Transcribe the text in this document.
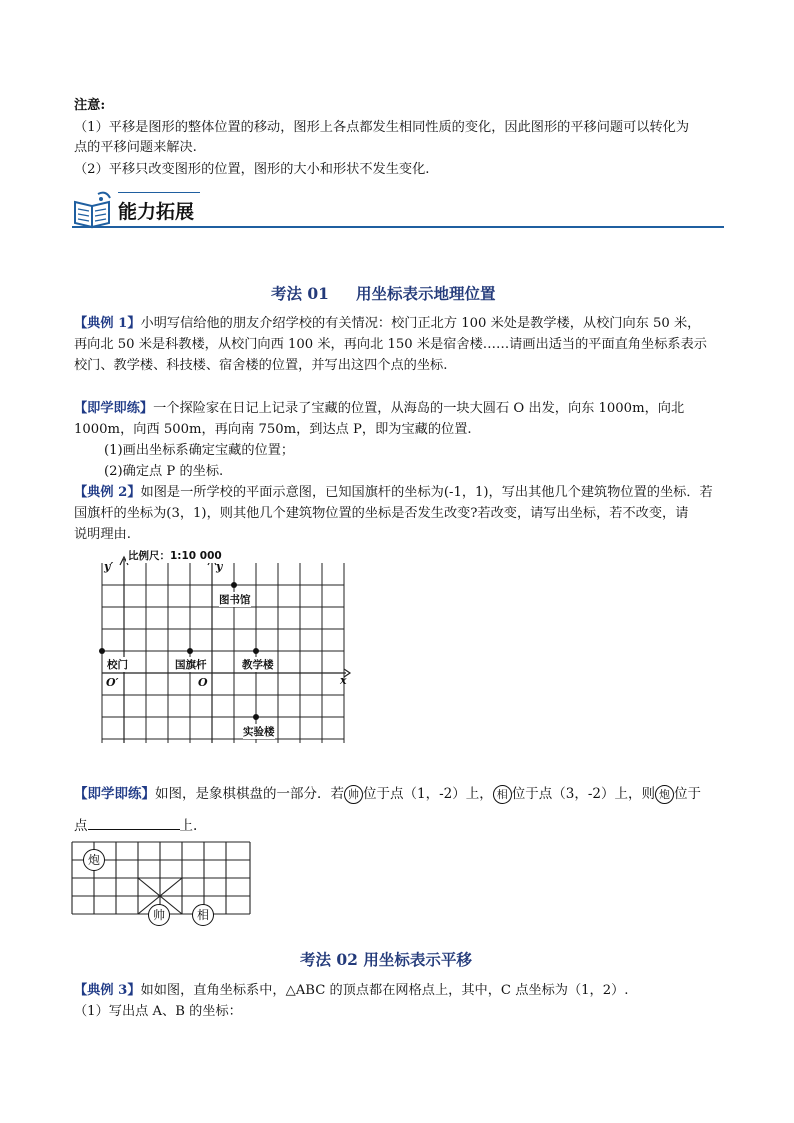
注意:
（1）平移是图形的整体位置的移动，图形上各点都发生相同性质的变化，因此图形的平移问题可以转化为
点的平移问题来解决.
（2）平移只改变图形的位置，图形的大小和形状不发生变化.
能力拓展
考法 01     用坐标表示地理位置
【典例 1】小明写信给他的朋友介绍学校的有关情况：校门正北方 100 米处是教学楼，从校门向东 50 米，
再向北 50 米是科教楼，从校门向西 100 米，再向北 150 米是宿舍楼……请画出适当的平面直角坐标系表示
校门、教学楼、科技楼、宿舍楼的位置，并写出这四个点的坐标.
【即学即练】一个探险家在日记上记录了宝藏的位置，从海岛的一块大圆石 O 出发，向东 1000m，向北
1000m，向西 500m，再向南 750m，到达点 P，即为宝藏的位置.
(1)画出坐标系确定宝藏的位置；
(2)确定点 P 的坐标.
【典例 2】如图是一所学校的平面示意图，已知国旗杆的坐标为(-1，1)，写出其他几个建筑物位置的坐标．若
国旗杆的坐标为(3，1)，则其他几个建筑物位置的坐标是否发生改变?若改变，请写出坐标，若不改变，请
说明理由.
比例尺：1:10 000
y′	y
x
O′	O
图书馆
校门	国旗杆	教学楼
实验楼
【即学即练】如图，是象棋棋盘的一部分．若 帅 位于点（1，-2）上， 相 位于点（3，-2）上，则 炮 位于
点	上.
炮
帅	相
考法 02 用坐标表示平移
【典例 3】如如图，直角坐标系中，△ABC 的顶点都在网格点上，其中，C 点坐标为（1，2）.
（1）写出点 A、B 的坐标：
